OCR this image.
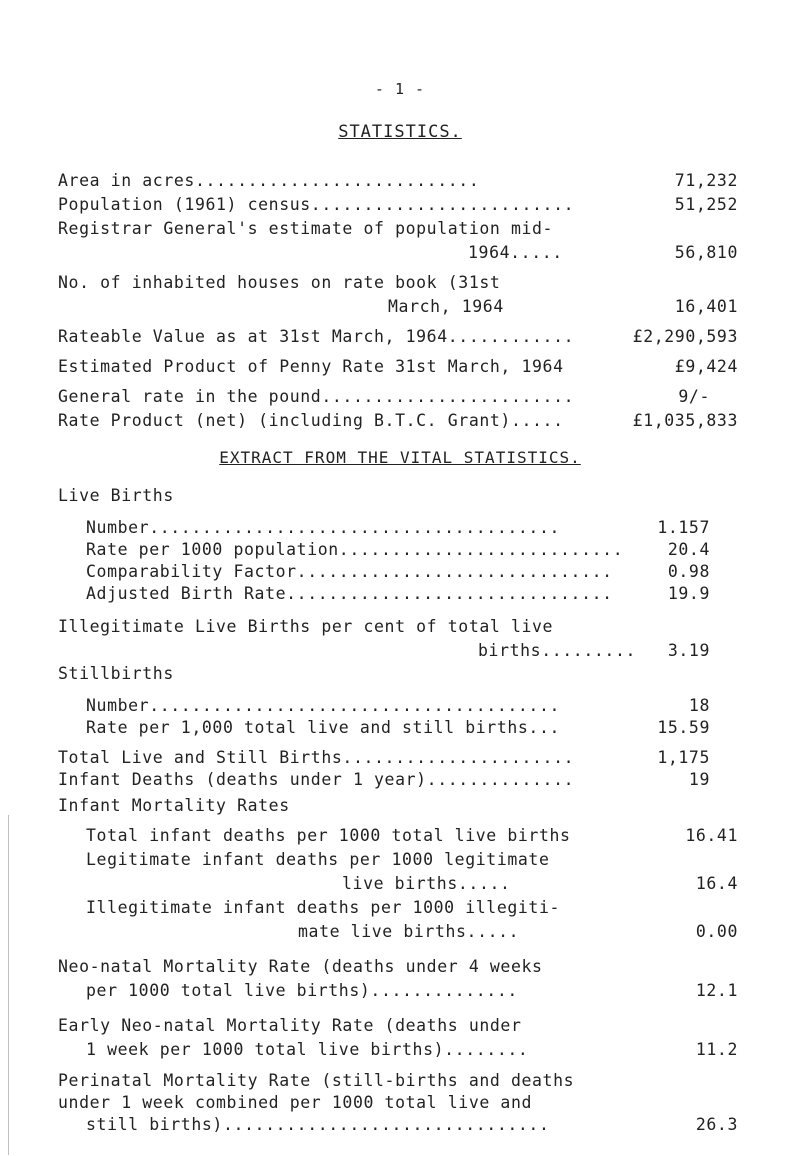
- 1 -
STATISTICS.
Area in acres...........................	71,232
Population (1961) census.........................	51,252
Registrar General's estimate of population mid-
1964.....	56,810
No. of inhabited houses on rate book (31st
March, 1964	16,401
Rateable Value as at 31st March, 1964............	£2,290,593
Estimated Product of Penny Rate 31st March, 1964	£9,424
General rate in the pound........................	9/-
Rate Product (net) (including B.T.C. Grant).....	£1,035,833
EXTRACT FROM THE VITAL STATISTICS.
Live Births
Number.......................................	1.157
Rate per 1000 population...........................	20.4
Comparability Factor..............................	0.98
Adjusted Birth Rate...............................	19.9
Illegitimate Live Births per cent of total live
births......... 3.19
Stillbirths
Number.......................................	18
Rate per 1,000 total live and still births...	15.59
Total Live and Still Births......................	1,175
Infant Deaths (deaths under 1 year)..............	19
Infant Mortality Rates
Total infant deaths per 1000 total live births	16.41
Legitimate infant deaths per 1000 legitimate
live births.....	16.4
Illegitimate infant deaths per 1000 illegiti-
mate live births.....	0.00
Neo-natal Mortality Rate (deaths under 4 weeks
per 1000 total live births)..............	12.1
Early Neo-natal Mortality Rate (deaths under
1 week per 1000 total live births)........	11.2
Perinatal Mortality Rate (still-births and deaths
under 1 week combined per 1000 total live and
still births)...............................	26.3
